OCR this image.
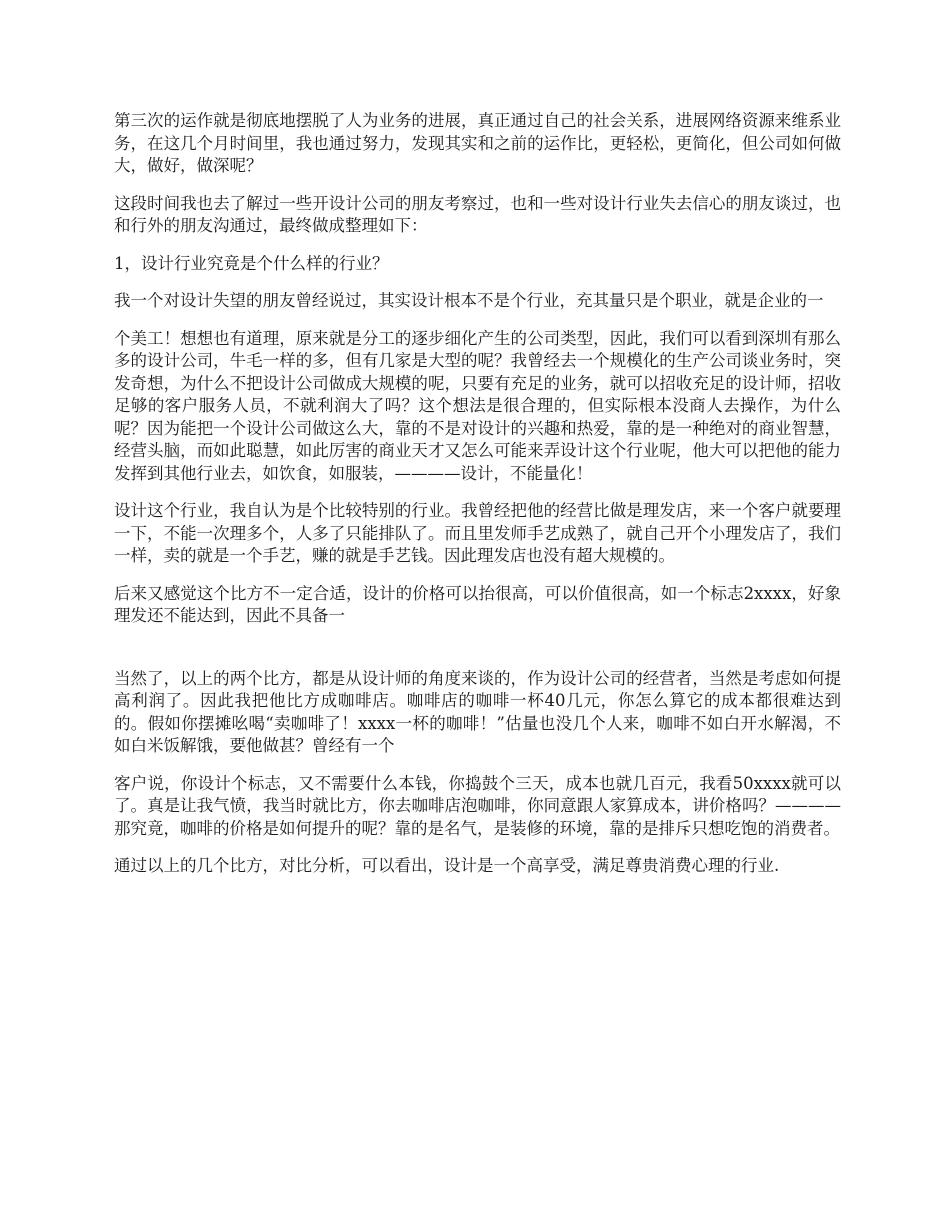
第三次的运作就是彻底地摆脱了人为业务的进展，真正通过自己的社会关系，进展网络资源来维系业务，在这几个月时间里，我也通过努力，发现其实和之前的运作比，更轻松，更简化，但公司如何做大，做好，做深呢？

这段时间我也去了解过一些开设计公司的朋友考察过，也和一些对设计行业失去信心的朋友谈过，也和行外的朋友沟通过，最终做成整理如下：

1，设计行业究竟是个什么样的行业？

我一个对设计失望的朋友曾经说过，其实设计根本不是个行业，充其量只是个职业，就是企业的一

个美工！想想也有道理，原来就是分工的逐步细化产生的公司类型，因此，我们可以看到深圳有那么多的设计公司，牛毛一样的多，但有几家是大型的呢？我曾经去一个规模化的生产公司谈业务时，突发奇想，为什么不把设计公司做成大规模的呢，只要有充足的业务，就可以招收充足的设计师，招收足够的客户服务人员，不就利润大了吗？这个想法是很合理的，但实际根本没商人去操作，为什么呢？因为能把一个设计公司做这么大，靠的不是对设计的兴趣和热爱，靠的是一种绝对的商业智慧，经营头脑，而如此聪慧，如此厉害的商业天才又怎么可能来弄设计这个行业呢，他大可以把他的能力发挥到其他行业去，如饮食，如服装，————设计，不能量化！

设计这个行业，我自认为是个比较特别的行业。我曾经把他的经营比做是理发店，来一个客户就要理一下，不能一次理多个，人多了只能排队了。而且里发师手艺成熟了，就自己开个小理发店了，我们一样，卖的就是一个手艺，赚的就是手艺钱。因此理发店也没有超大规模的。

后来又感觉这个比方不一定合适，设计的价格可以抬很高，可以价值很高，如一个标志2xxxx，好象理发还不能达到，因此不具备一

当然了，以上的两个比方，都是从设计师的角度来谈的，作为设计公司的经营者，当然是考虑如何提高利润了。因此我把他比方成咖啡店。咖啡店的咖啡一杯40几元，你怎么算它的成本都很难达到的。假如你摆摊吆喝“卖咖啡了！xxxx一杯的咖啡！”估量也没几个人来，咖啡不如白开水解渴，不如白米饭解饿，要他做甚？曾经有一个

客户说，你设计个标志，又不需要什么本钱，你捣鼓个三天，成本也就几百元，我看50xxxx就可以了。真是让我气愤，我当时就比方，你去咖啡店泡咖啡，你同意跟人家算成本，讲价格吗？————那究竟，咖啡的价格是如何提升的呢？靠的是名气，是装修的环境，靠的是排斥只想吃饱的消费者。

通过以上的几个比方，对比分析，可以看出，设计是一个高享受，满足尊贵消费心理的行业.
